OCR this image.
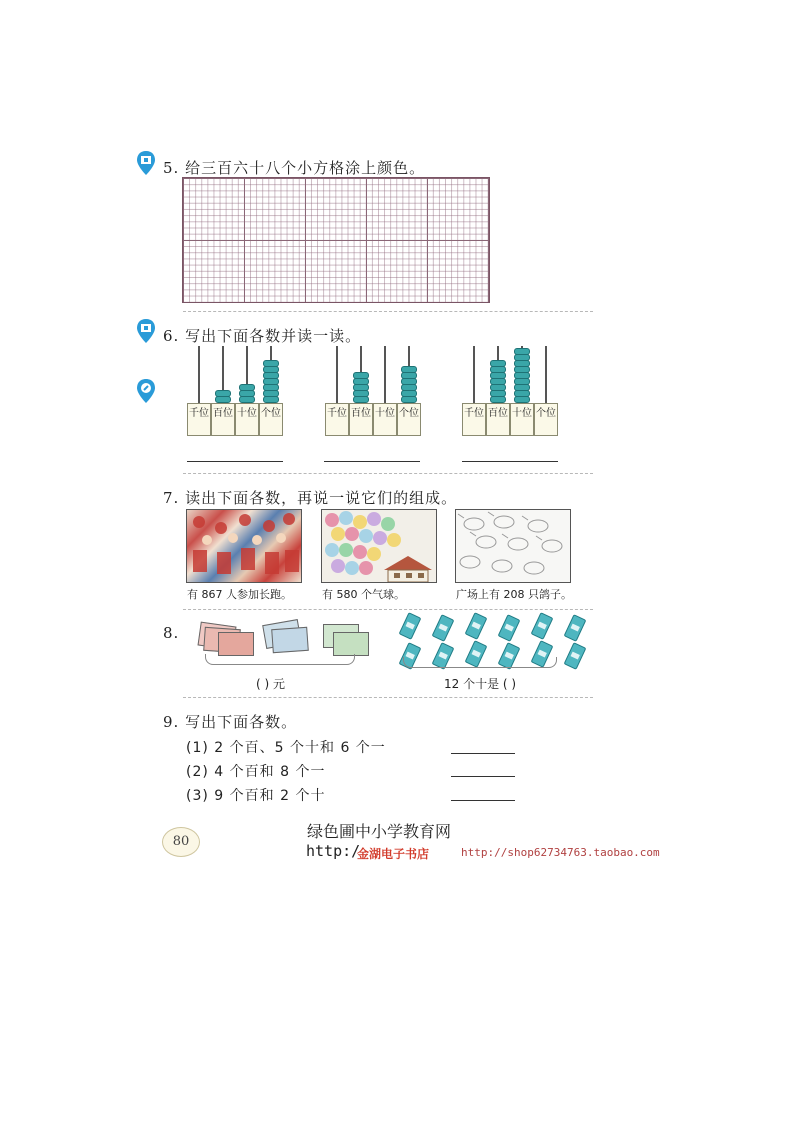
5. 给三百六十八个小方格涂上颜色。
6. 写出下面各数并读一读。
千位 百位 十位 个位	千位 百位 十位 个位	千位 百位 十位 个位
7. 读出下面各数，再说一说它们的组成。
有 867 人参加长跑。	有 580 个气球。	广场上有 208 只鸽子。
8.
( ) 元	12 个十是 ( )
9. 写出下面各数。
(1) 2 个百、5 个十和 6 个一
(2) 4 个百和 8 个一
(3) 9 个百和 2 个十
80
绿色圃中小学教育网
http:/
金湖电子书店	http://shop62734763.taobao.com
